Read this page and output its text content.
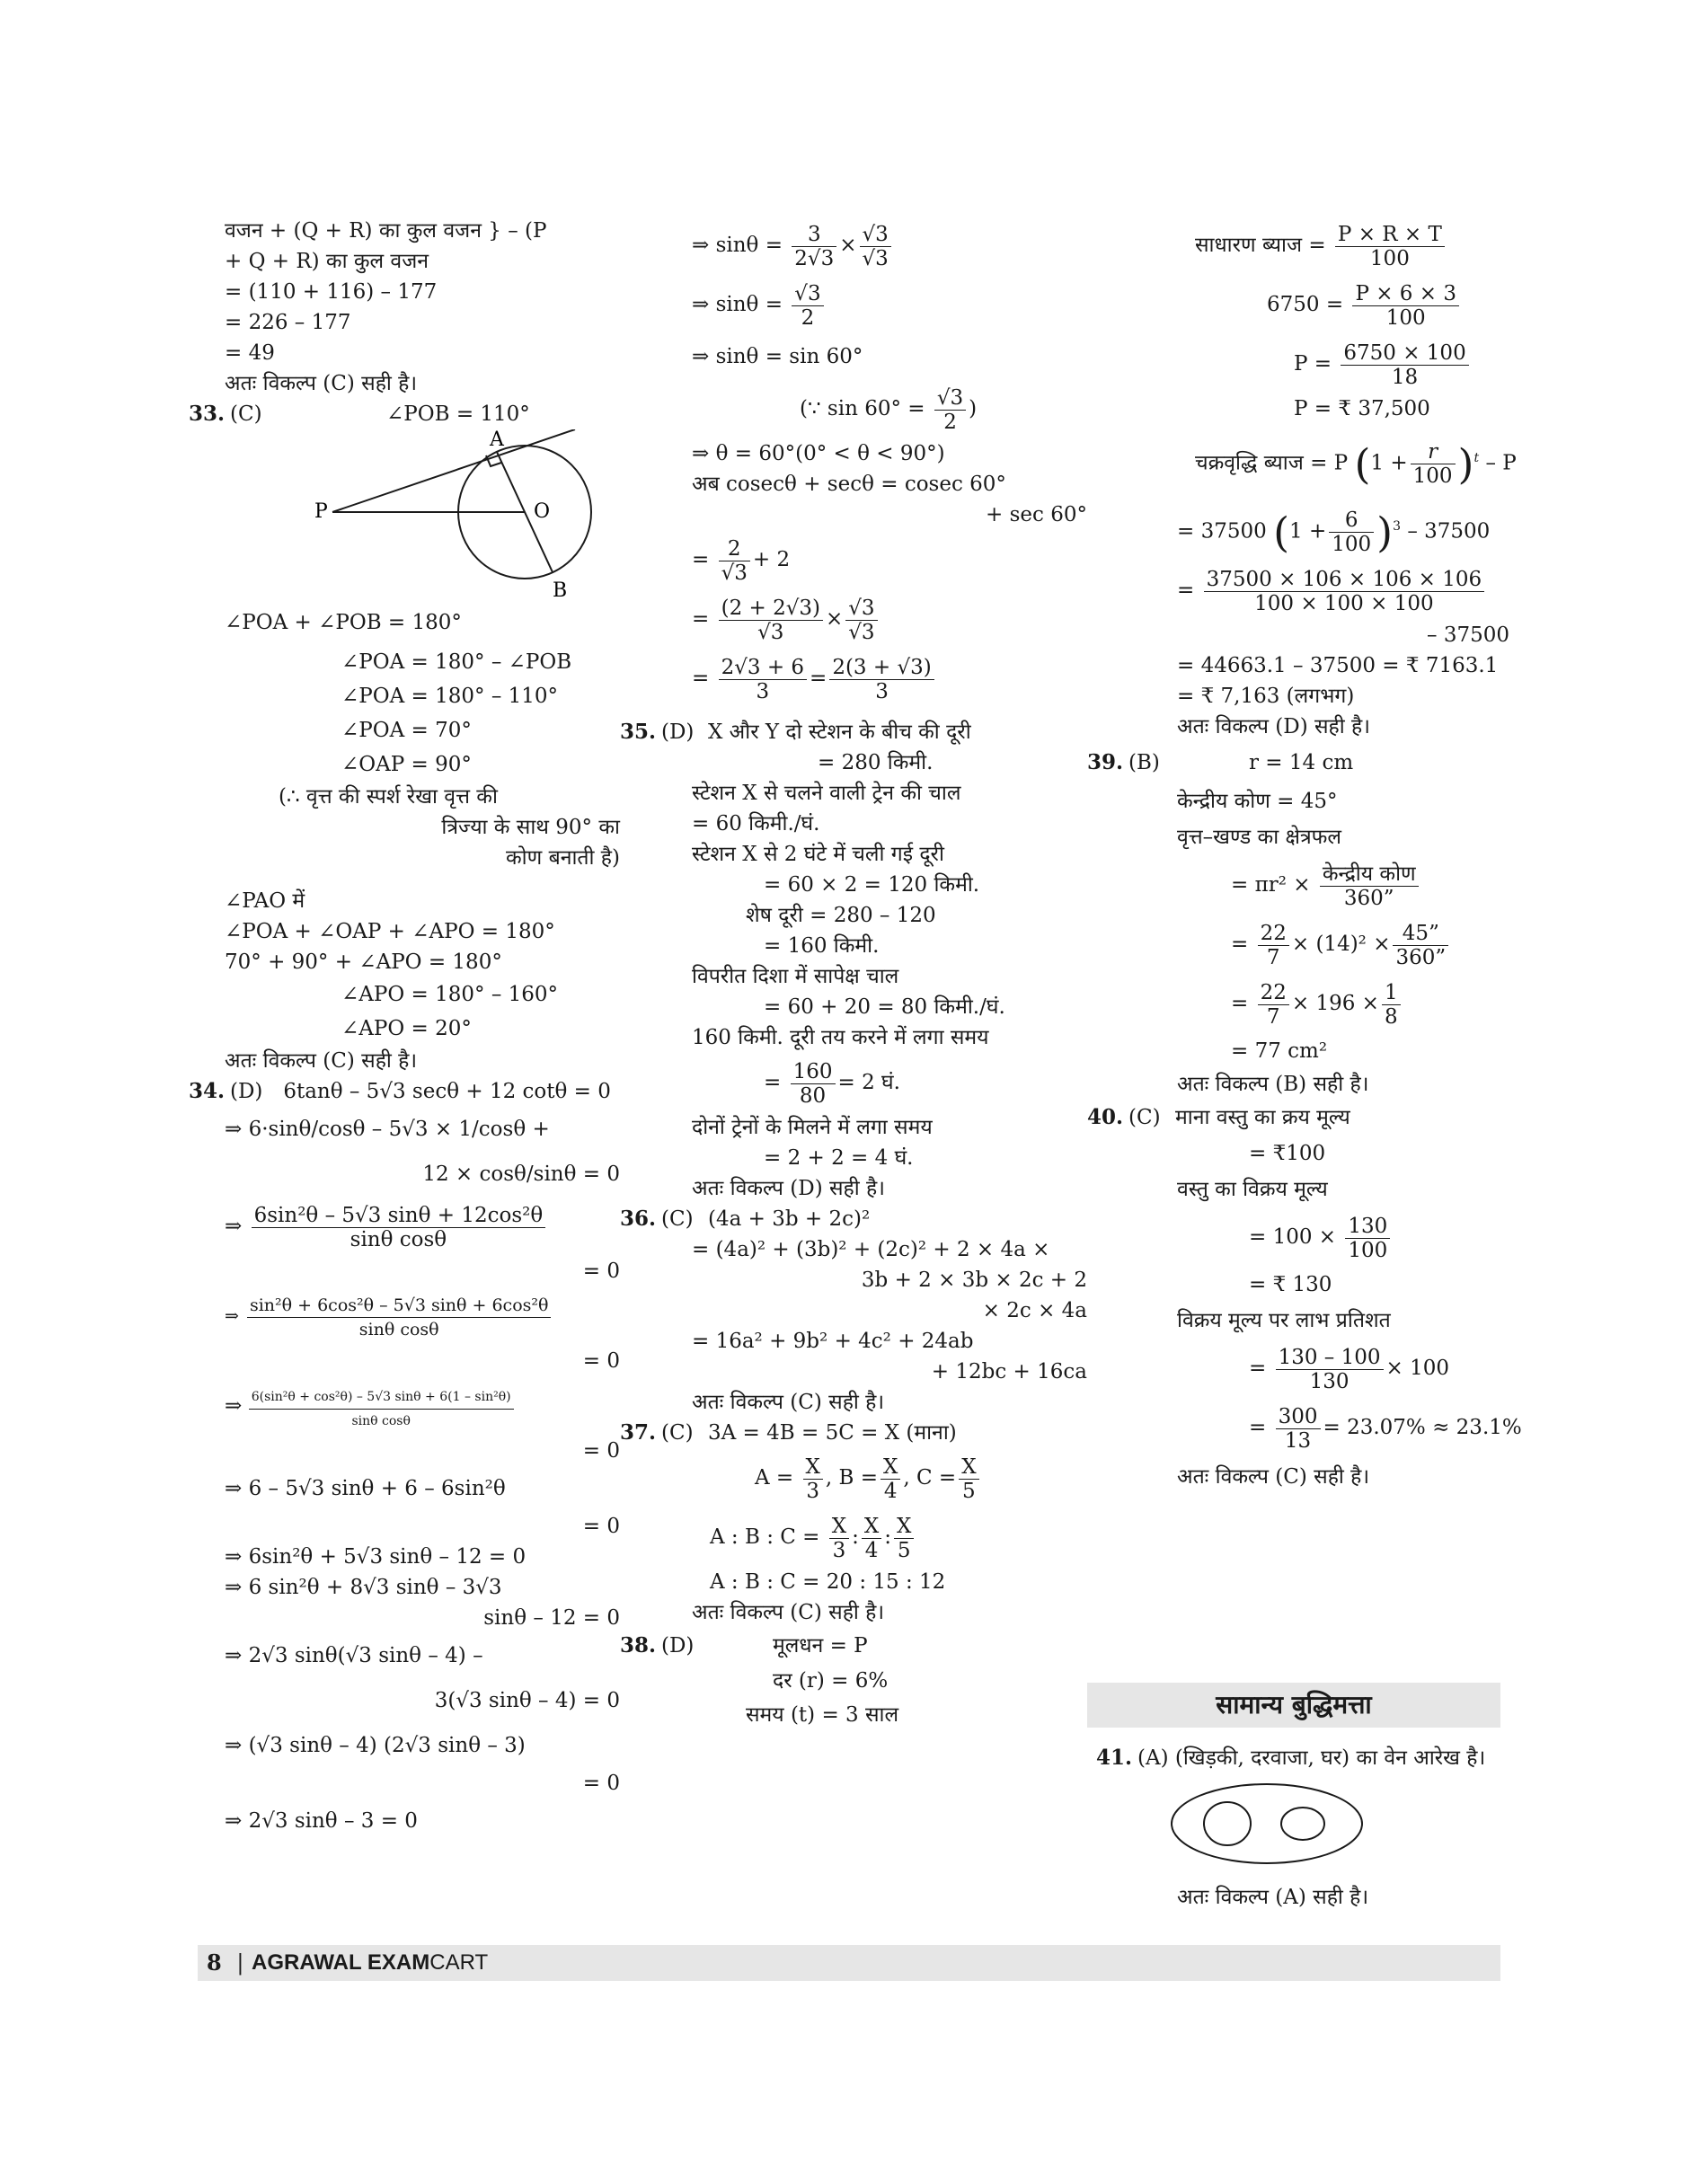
वजन + (Q + R) का कुल वजन } – (P
+ Q + R) का कुल वजन
= (110 + 116) – 177
= 226 – 177
= 49
अतः विकल्प (C) सही है।
33. (C)	∠POB = 110°
P
A
O
B
∠POA + ∠POB = 180°
∠POA = 180° – ∠POB
∠POA = 180° – 110°
∠POA = 70°
∠OAP = 90°
(∴ वृत्त की स्पर्श रेखा वृत्त की
त्रिज्या के साथ 90° का
कोण बनाती है)
∠PAO में
∠POA + ∠OAP + ∠APO = 180°
70° + 90° + ∠APO = 180°
∠APO = 180° – 160°
∠APO = 20°
अतः विकल्प (C) सही है।
34. (D) 6tanθ – 5√3 secθ + 12 cotθ = 0
⇒ 6·sinθ/cosθ – 5√3 × 1/cosθ +
12 × cosθ/sinθ = 0
⇒ $\frac{\text{6sin²θ – 5√3 sinθ + 12cos²θ}}{\text{sinθ cosθ}}$
= 0
⇒ $\frac{\text{sin²θ + 6cos²θ – 5√3 sinθ + 6cos²θ}}{\text{sinθ cosθ}}$
= 0
⇒ $\frac{\text{6(sin²θ + cos²θ) – 5√3 sinθ + 6(1 – sin²θ)}}{\text{sinθ cosθ}}$
= 0
⇒ 6 – 5√3 sinθ + 6 – 6sin²θ
= 0
⇒ 6sin²θ + 5√3 sinθ – 12 = 0
⇒ 6 sin²θ + 8√3 sinθ – 3√3
sinθ – 12 = 0
⇒ 2√3 sinθ(√3 sinθ – 4) –
3(√3 sinθ – 4) = 0
⇒ (√3 sinθ – 4) (2√3 sinθ – 3)
= 0
⇒ 2√3 sinθ – 3 = 0
⇒ $\sin\theta = \frac{3}{2√3} \times \frac{√3}{√3}$
⇒ $\sin\theta = \frac{√3}{2}$
⇒ sinθ = sin 60°
(∵ $\sin 60^\circ = \frac{√3}{2}$ )
⇒ θ = 60°(0° < θ < 90°)
अब cosecθ + secθ = cosec 60°
+ sec 60°
= $\frac{2}{√3} + 2$
= $\frac{(2 + 2√3)}{√3} \times \frac{√3}{√3}$
= $\frac{2√3 + 6}{3} = \frac{2(3 + √3)}{3}$
35. (D) X और Y दो स्टेशन के बीच की दूरी
= 280 किमी.
स्टेशन X से चलने वाली ट्रेन की चाल
= 60 किमी./घं.
स्टेशन X से 2 घंटे में चली गई दूरी
= 60 × 2 = 120 किमी.
शेष दूरी = 280 – 120
= 160 किमी.
विपरीत दिशा में सापेक्ष चाल
= 60 + 20 = 80 किमी./घं.
160 किमी. दूरी तय करने में लगा समय
= $\frac{160}{80} = 2$ घं.
दोनों ट्रेनों के मिलने में लगा समय
= 2 + 2 = 4 घं.
अतः विकल्प (D) सही है।
36. (C) (4a + 3b + 2c)²
= (4a)² + (3b)² + (2c)² + 2 × 4a ×
3b + 2 × 3b × 2c + 2
× 2c × 4a
= 16a² + 9b² + 4c² + 24ab
+ 12bc + 16ca
अतः विकल्प (C) सही है।
37. (C) 3A = 4B = 5C = X (माना)
$A = \frac{X}{3}$ , $B = \frac{X}{4}$ , $C = \frac{X}{5}$
A : B : $C = \frac{X}{3}$ : $\frac{X}{4}$ : $\frac{X}{5}$
A : B : C = 20 : 15 : 12
अतः विकल्प (C) सही है।
38. (D)	मूलधन = P
दर (r) = 6%
समय (t) = 3 साल
साधारण ब्याज = $\frac{P \times R \times T}{100}$
$6750 = \frac{P \times 6 \times 3}{100}$
$P = \frac{6750 \times 100}{18}$
P = ₹ 37,500
चक्रवृद्धि ब्याज = P $(1 + \frac{r}{100} )^t - P$
= 37500 $(1 + \frac{6}{100} )^3 - 37500$
= $\frac{37500 \times 106 \times 106 \times 106}{100 \times 100 \times 100}$
– 37500
= 44663.1 – 37500 = ₹ 7163.1
= ₹ 7,163 (लगभग)
अतः विकल्प (D) सही है।
39. (B)	r = 14 cm
केन्द्रीय कोण = 45°
वृत्त–खण्ड का क्षेत्रफल
= πr² × केन्द्रीय कोण
360”
= $\frac{22}{7} \times (14)^2 \times \frac{45”}{360”}$
= $\frac{22}{7} \times 196 \times \frac{1}{8}$
= 77 cm²
अतः विकल्प (B) सही है।
40. (C) माना वस्तु का क्रय मूल्य
= ₹100
वस्तु का विक्रय मूल्य
= $100 \times \frac{130}{100}$
= ₹ 130
विक्रय मूल्य पर लाभ प्रतिशत
= $\frac{130 - 100}{130} \times 100$
= $\frac{300}{13} = 23.07\% \approx 23.1\%$
अतः विकल्प (C) सही है।
सामान्य बुद्धिमत्ता
41. (A) (खिड़की, दरवाजा, घर) का वेन आरेख है।
अतः विकल्प (A) सही है।
8 | AGRAWAL EXAMCART
